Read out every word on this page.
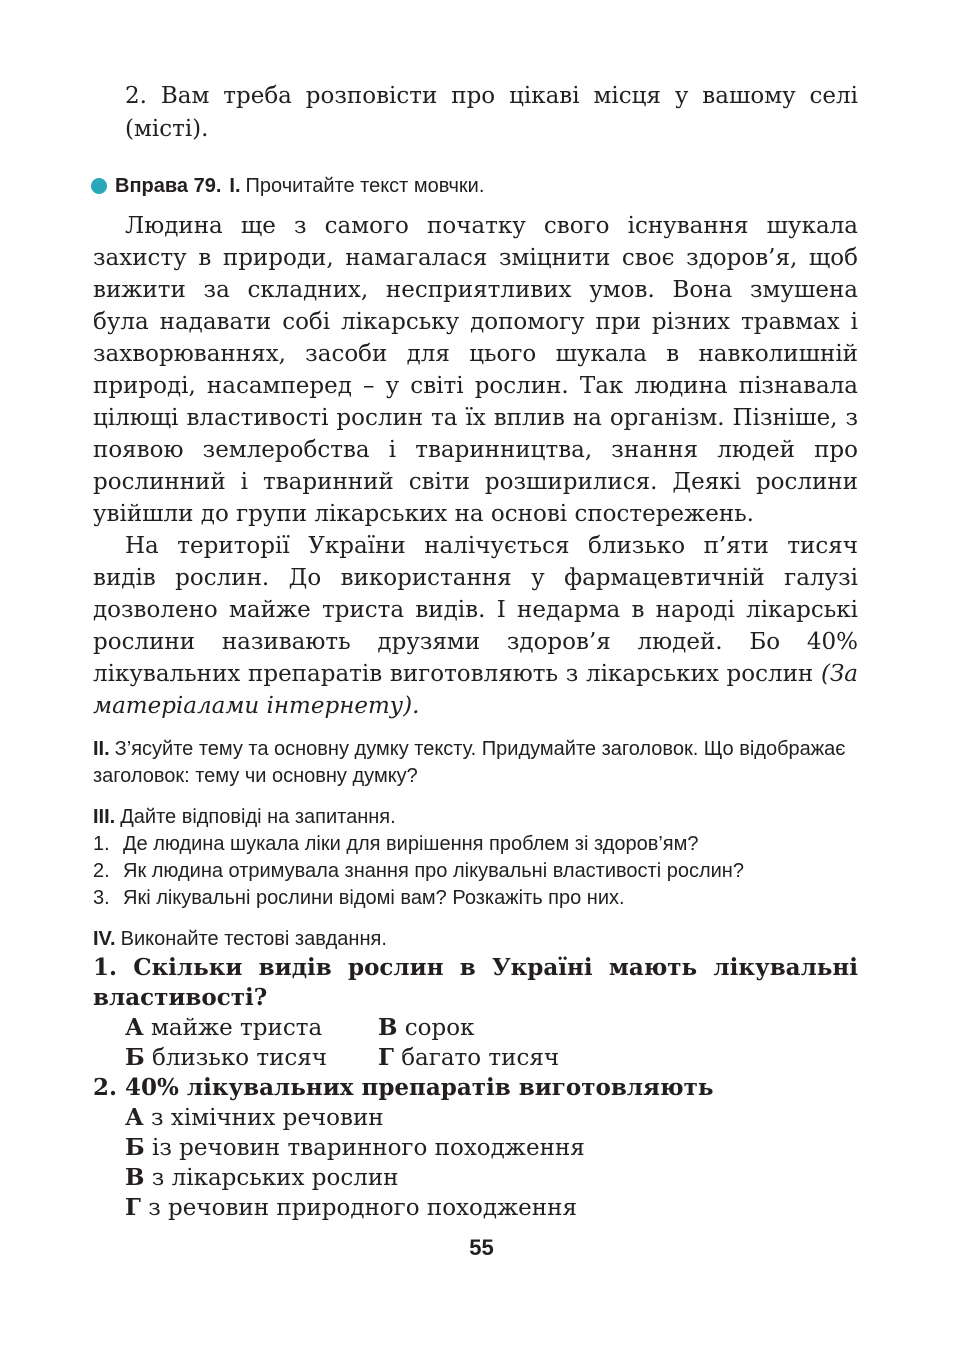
2. Вам треба розповісти про цікаві місця у вашому селі (місті).

Вправа 79. I. Прочитайте текст мовчки.

Людина ще з самого початку свого існування шукала захисту в природи, намагалася зміцнити своє здоров’я, щоб вижити за складних, несприятливих умов. Вона змушена була надавати собі лікарську допомогу при різних травмах і захворюваннях, засоби для цього шукала в навколишній природі, насамперед – у світі рослин. Так людина пізнавала цілющі властивості рослин та їх вплив на організм. Пізніше, з появою землеробства і тваринництва, знання людей про рослинний і тваринний світи розширилися. Деякі рослини увійшли до групи лікарських на основі спостережень.

На території України налічується близько п’яти тисяч видів рослин. До використання у фармацевтичній галузі дозволено майже триста видів. І недарма в народі лікарські рослини називають друзями здоров’я людей. Бо 40% лікувальних препаратів виготовляють з лікарських рослин (За матеріалами інтернету).

II. З’ясуйте тему та основну думку тексту. Придумайте заголовок. Що відображає заголовок: тему чи основну думку?

III. Дайте відповіді на запитання.

1. Де людина шукала ліки для вирішення проблем зі здоров’ям?
2. Як людина отримувала знання про лікувальні властивості рослин?
3. Які лікувальні рослини відомі вам? Розкажіть про них.

IV. Виконайте тестові завдання.

1. Скільки видів рослин в Україні мають лікувальні властивості?

А майже триста	В сорок
Б близько тисяч	Г багато тисяч

2. 40% лікувальних препаратів виготовляють

А з хімічних речовин
Б із речовин тваринного походження
В з лікарських рослин
Г з речовин природного походження
55
